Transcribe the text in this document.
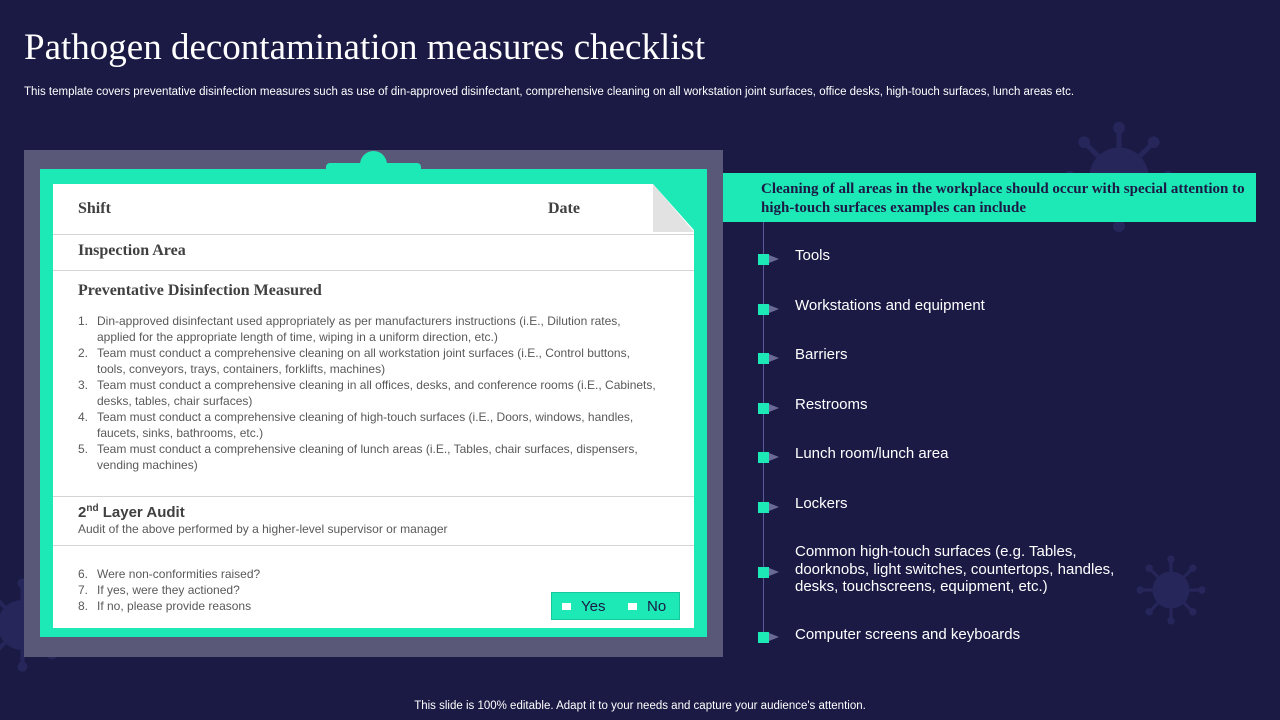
Pathogen decontamination measures checklist
This template covers preventative disinfection measures such as use of din-approved disinfectant, comprehensive cleaning on all workstation joint surfaces, office desks, high-touch surfaces, lunch areas etc.
Shift	Date
Inspection Area
Preventative Disinfection Measured
1. Din-approved disinfectant used appropriately as per manufacturers instructions (i.E., Dilution rates, applied for the appropriate length of time, wiping in a uniform direction, etc.)
2. Team must conduct a comprehensive cleaning on all workstation joint surfaces (i.E., Control buttons, tools, conveyors, trays, containers, forklifts, machines)
3. Team must conduct a comprehensive cleaning in all offices, desks, and conference rooms (i.E., Cabinets, desks, tables, chair surfaces)
4. Team must conduct a comprehensive cleaning of high-touch surfaces (i.E., Doors, windows, handles, faucets, sinks, bathrooms, etc.)
5. Team must conduct a comprehensive cleaning of lunch areas (i.E., Tables, chair surfaces, dispensers, vending machines)
2nd Layer Audit
Audit of the above performed by a higher-level supervisor or manager
6. Were non-conformities raised?
7. If yes, were they actioned?
8. If no, please provide reasons	Yes	No
Cleaning of all areas in the workplace should occur with special attention to high-touch surfaces examples can include
Tools
Workstations and equipment
Barriers
Restrooms
Lunch room/lunch area
Lockers
Common high-touch surfaces (e.g. Tables, doorknobs, light switches, countertops, handles, desks, touchscreens, equipment, etc.)
Computer screens and keyboards
This slide is 100% editable. Adapt it to your needs and capture your audience's attention.
